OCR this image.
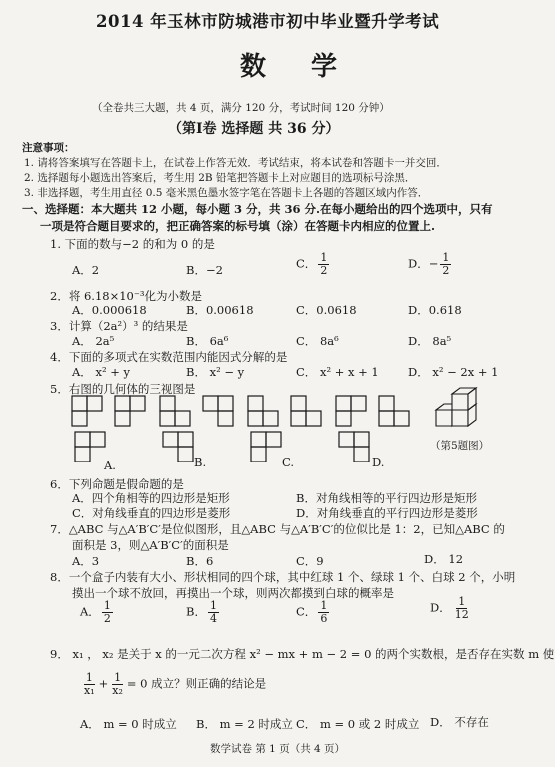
2014 年玉林市防城港市初中毕业暨升学考试
数 学
（全卷共三大题，共 4 页，满分 120 分，考试时间 120 分钟）
（第Ⅰ卷 选择题 共 36 分）
注意事项：
1. 请将答案填写在答题卡上，在试卷上作答无效．考试结束，将本试卷和答题卡一并交回．
2. 选择题每小题选出答案后，考生用 2B 铅笔把答题卡上对应题目的选项标号涂黑．
3. 非选择题，考生用直径 0.5 毫米黑色墨水签字笔在答题卡上各题的答题区域内作答．
一、选择题：本大题共 12 小题，每小题 3 分，共 36 分.在每小题给出的四个选项中，只有
一项是符合题目要求的，把正确答案的标号填（涂）在答题卡内相应的位置上.
1. 下面的数与−2 的和为 0 的是
A．2	B．−2	C． $\frac{1}{2}$	D．− $\frac{1}{2}$
2．将 6.18×10⁻³化为小数是
A．0.000618	B．0.00618	C．0.0618	D．0.618
3．计算（2a²）³ 的结果是
A． 2a⁵	B． 6a⁶	C． 8a⁶	D． 8a⁵
4．下面的多项式在实数范围内能因式分解的是
A． x² + y	B． x² − y	C． x² + x + 1	D． x² − 2x + 1
5．右图的几何体的三视图是
（第5题图）
A.	B.	C.	D.
6．下列命题是假命题的是
A．四个角相等的四边形是矩形	B．对角线相等的平行四边形是矩形
C．对角线垂直的四边形是菱形	D．对角线垂直的平行四边形是菱形
7．△ABC 与△A′B′C′是位似图形，且△ABC 与△A′B′C′的位似比是 1：2，已知△ABC 的
面积是 3，则△A′B′C′的面积是
A．3	B．6	C．9	D． 12
8．一个盒子内装有大小、形状相同的四个球，其中红球 1 个、绿球 1 个、白球 2 个，小明
摸出一个球不放回，再摸出一个球，则两次都摸到白球的概率是
A． $\frac{1}{2}$	B． $\frac{1}{4}$	C． $\frac{1}{6}$	D． $\frac{1}{12}$
9． x₁ ， x₂ 是关于 x 的一元二次方程 x² − mx + m − 2 = 0 的两个实数根，是否存在实数 m 使
$\frac{1}{\text{x₁}} + \frac{1}{\text{x₂}} = 0$ 成立？则正确的结论是
A． m = 0 时成立 B． m = 2 时成立 C． m = 0 或 2 时成立 D． 不存在
数学试卷 第 1 页（共 4 页）
